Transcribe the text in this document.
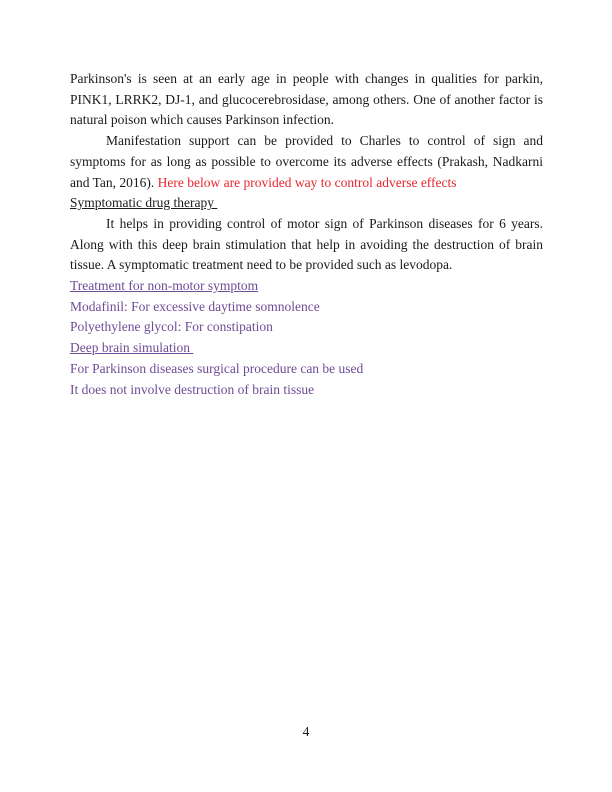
Parkinson's is seen at an early age in people with changes in qualities for parkin, PINK1, LRRK2, DJ-1, and glucocerebrosidase, among others. One of another factor is natural poison which causes Parkinson infection.

Manifestation support can be provided to Charles to control of sign and symptoms for as long as possible to overcome its adverse effects (Prakash, Nadkarni and Tan, 2016). Here below are provided way to control adverse effects

Symptomatic drug therapy

It helps in providing control of motor sign of Parkinson diseases for 6 years. Along with this deep brain stimulation that help in avoiding the destruction of brain tissue. A symptomatic treatment need to be provided such as levodopa.

Treatment for non-motor symptom

Modafinil: For excessive daytime somnolence

Polyethylene glycol: For constipation

Deep brain simulation

For Parkinson diseases surgical procedure can be used

It does not involve destruction of brain tissue

4
